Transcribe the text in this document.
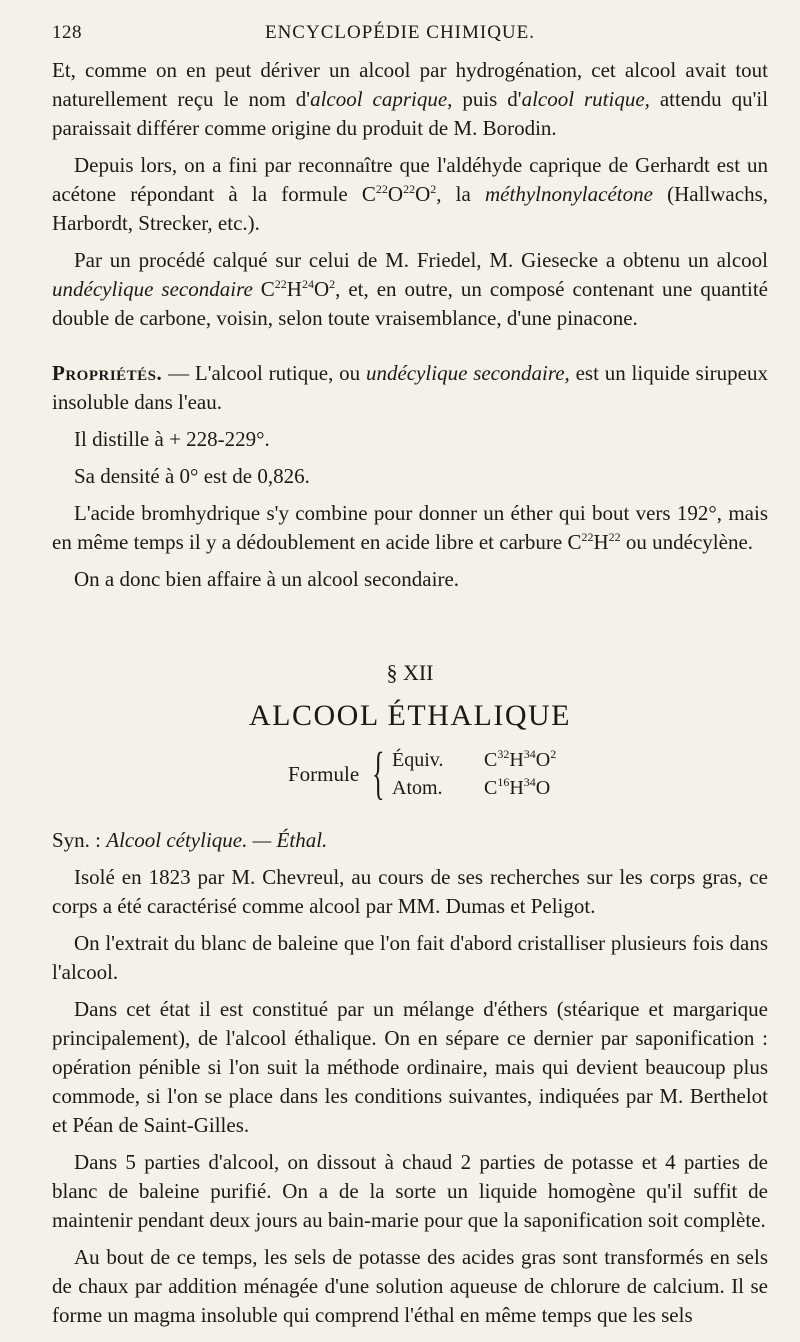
128	ENCYCLOPÉDIE CHIMIQUE.

Et, comme on en peut dériver un alcool par hydrogénation, cet alcool avait tout naturellement reçu le nom d'alcool caprique, puis d'alcool rutique, attendu qu'il paraissait différer comme origine du produit de M. Borodin.

Depuis lors, on a fini par reconnaître que l'aldéhyde caprique de Gerhardt est un acétone répondant à la formule $C^{22}O^{22}O^2$, la méthylnonylacétone (Hallwachs, Harbordt, Strecker, etc.).

Par un procédé calqué sur celui de M. Friedel, M. Giesecke a obtenu un alcool undécylique secondaire $C^{22}H^{24}O^2$, et, en outre, un composé contenant une quantité double de carbone, voisin, selon toute vraisemblance, d'une pinacone.

Propriétés. — L'alcool rutique, ou undécylique secondaire, est un liquide sirupeux insoluble dans l'eau.

Il distille à + 228-229°.

Sa densité à 0° est de 0,826.

L'acide bromhydrique s'y combine pour donner un éther qui bout vers 192°, mais en même temps il y a dédoublement en acide libre et carbure $C^{22}H^{22}$ ou undécylène.

On a donc bien affaire à un alcool secondaire.

§ XII
ALCOOL ÉTHALIQUE
Formule { Équiv.	$C^{32}H^{34}O^2$
Atom.	$C^{16}H^{34}O$

Syn. : Alcool cétylique. — Éthal.

Isolé en 1823 par M. Chevreul, au cours de ses recherches sur les corps gras, ce corps a été caractérisé comme alcool par MM. Dumas et Peligot.

On l'extrait du blanc de baleine que l'on fait d'abord cristalliser plusieurs fois dans l'alcool.

Dans cet état il est constitué par un mélange d'éthers (stéarique et margarique principalement), de l'alcool éthalique. On en sépare ce dernier par saponification : opération pénible si l'on suit la méthode ordinaire, mais qui devient beaucoup plus commode, si l'on se place dans les conditions suivantes, indiquées par M. Berthelot et Péan de Saint-Gilles.

Dans 5 parties d'alcool, on dissout à chaud 2 parties de potasse et 4 parties de blanc de baleine purifié. On a de la sorte un liquide homogène qu'il suffit de maintenir pendant deux jours au bain-marie pour que la saponification soit complète.

Au bout de ce temps, les sels de potasse des acides gras sont transformés en sels de chaux par addition ménagée d'une solution aqueuse de chlorure de calcium. Il se forme un magma insoluble qui comprend l'éthal en même temps que les sels
